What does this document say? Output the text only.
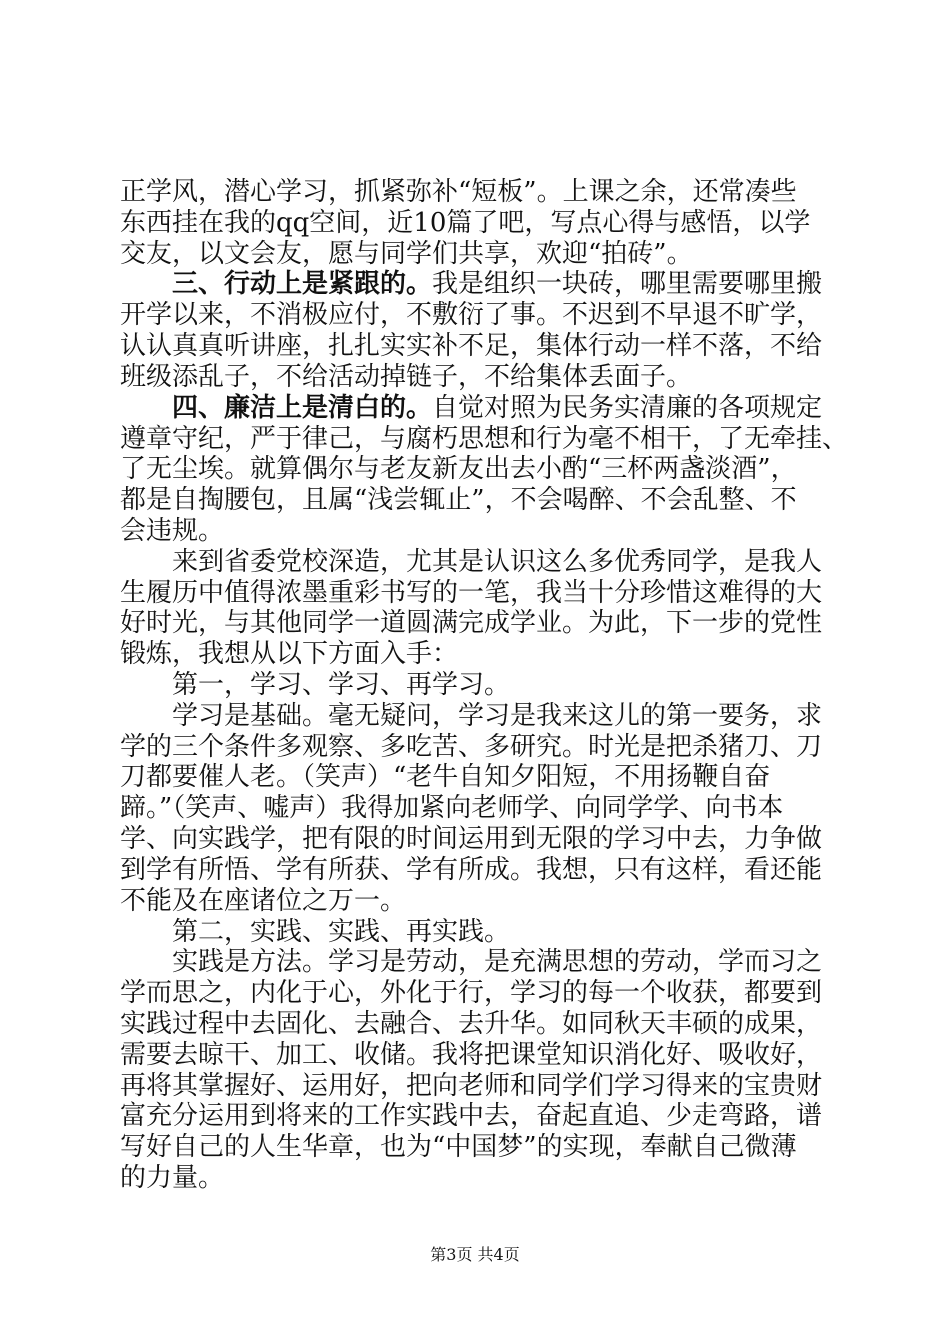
正学风，潜心学习，抓紧弥补“短板”。上课之余，还常凑些
东西挂在我的qq空间，近10篇了吧，写点心得与感悟，以学
交友，以文会友，愿与同学们共享，欢迎“拍砖”。
三、行动上是紧跟的。我是组织一块砖，哪里需要哪里搬
开学以来，不消极应付，不敷衍了事。不迟到不早退不旷学，
认认真真听讲座，扎扎实实补不足，集体行动一样不落，不给
班级添乱子，不给活动掉链子，不给集体丢面子。
四、廉洁上是清白的。自觉对照为民务实清廉的各项规定
遵章守纪，严于律己，与腐朽思想和行为毫不相干，了无牵挂、
了无尘埃。就算偶尔与老友新友出去小酌“三杯两盏淡酒”，
都是自掏腰包，且属“浅尝辄止”，不会喝醉、不会乱整、不
会违规。
来到省委党校深造，尤其是认识这么多优秀同学，是我人
生履历中值得浓墨重彩书写的一笔，我当十分珍惜这难得的大
好时光，与其他同学一道圆满完成学业。为此，下一步的党性
锻炼，我想从以下方面入手：
第一，学习、学习、再学习。
学习是基础。毫无疑问，学习是我来这儿的第一要务，求
学的三个条件多观察、多吃苦、多研究。时光是把杀猪刀、刀
刀都要催人老。（笑声）“老牛自知夕阳短，不用扬鞭自奋
蹄。”（笑声、嘘声）我得加紧向老师学、向同学学、向书本
学、向实践学，把有限的时间运用到无限的学习中去，力争做
到学有所悟、学有所获、学有所成。我想，只有这样，看还能
不能及在座诸位之万一。
第二，实践、实践、再实践。
实践是方法。学习是劳动，是充满思想的劳动，学而习之
学而思之，内化于心，外化于行，学习的每一个收获，都要到
实践过程中去固化、去融合、去升华。如同秋天丰硕的成果，
需要去晾干、加工、收储。我将把课堂知识消化好、吸收好，
再将其掌握好、运用好，把向老师和同学们学习得来的宝贵财
富充分运用到将来的工作实践中去，奋起直追、少走弯路，谱
写好自己的人生华章，也为“中国梦”的实现，奉献自己微薄
的力量。
第3页 共4页
